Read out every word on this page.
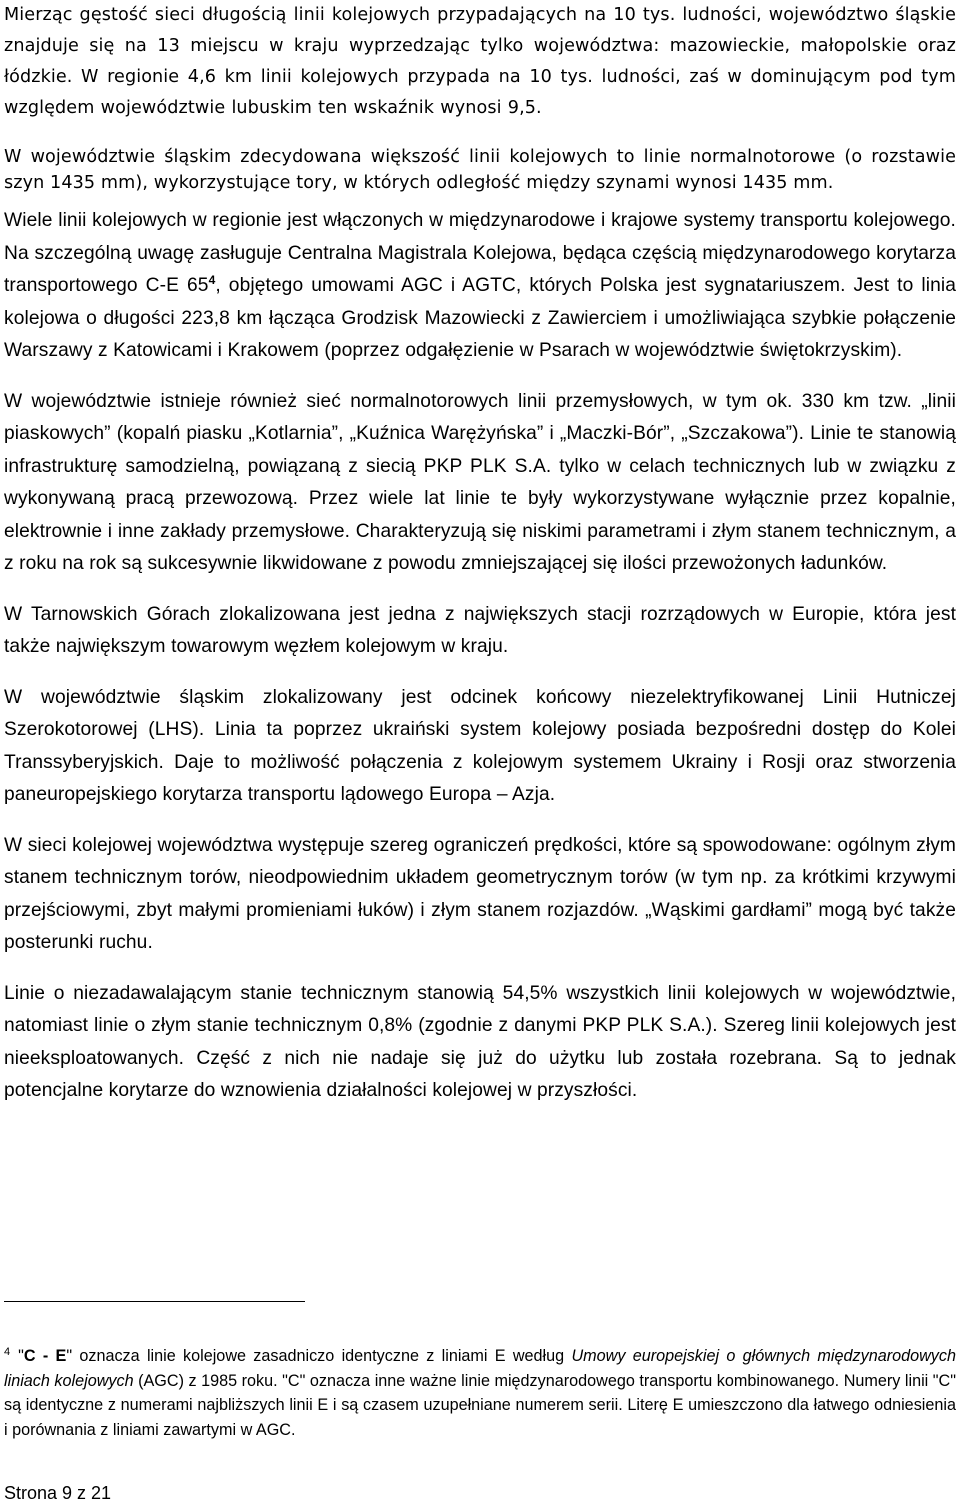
Mierząc gęstość sieci długością linii kolejowych przypadających na 10 tys. ludności, województwo śląskie znajduje się na 13 miejscu w kraju wyprzedzając tylko województwa: mazowieckie, małopolskie oraz łódzkie. W regionie 4,6 km linii kolejowych przypada na 10 tys. ludności, zaś w dominującym pod tym względem województwie lubuskim ten wskaźnik wynosi 9,5.

W województwie śląskim zdecydowana większość linii kolejowych to linie normalnotorowe (o rozstawie szyn 1435 mm), wykorzystujące tory, w których odległość między szynami wynosi 1435 mm.

Wiele linii kolejowych w regionie jest włączonych w międzynarodowe i krajowe systemy transportu kolejowego. Na szczególną uwagę zasługuje Centralna Magistrala Kolejowa, będąca częścią międzynarodowego korytarza transportowego C-E $65^4$, objętego umowami AGC i AGTC, których Polska jest sygnatariuszem. Jest to linia kolejowa o długości 223,8 km łącząca Grodzisk Mazowiecki z Zawierciem i umożliwiająca szybkie połączenie Warszawy z Katowicami i Krakowem (poprzez odgałęzienie w Psarach w województwie świętokrzyskim).

W województwie istnieje również sieć normalnotorowych linii przemysłowych, w tym ok. 330 km tzw. „linii piaskowych” (kopalń piasku „Kotlarnia”, „Kuźnica Warężyńska” i „Maczki-Bór”, „Szczakowa”). Linie te stanowią infrastrukturę samodzielną, powiązaną z siecią PKP PLK S.A. tylko w celach technicznych lub w związku z wykonywaną pracą przewozową. Przez wiele lat linie te były wykorzystywane wyłącznie przez kopalnie, elektrownie i inne zakłady przemysłowe. Charakteryzują się niskimi parametrami i złym stanem technicznym, a z roku na rok są sukcesywnie likwidowane z powodu zmniejszającej się ilości przewożonych ładunków.

W Tarnowskich Górach zlokalizowana jest jedna z największych stacji rozrządowych w Europie, która jest także największym towarowym węzłem kolejowym w kraju.

W województwie śląskim zlokalizowany jest odcinek końcowy niezelektryfikowanej Linii Hutniczej Szerokotorowej (LHS). Linia ta poprzez ukraiński system kolejowy posiada bezpośredni dostęp do Kolei Transsyberyjskich. Daje to możliwość połączenia z kolejowym systemem Ukrainy i Rosji oraz stworzenia paneuropejskiego korytarza transportu lądowego Europa – Azja.

W sieci kolejowej województwa występuje szereg ograniczeń prędkości, które są spowodowane: ogólnym złym stanem technicznym torów, nieodpowiednim układem geometrycznym torów (w tym np. za krótkimi krzywymi przejściowymi, zbyt małymi promieniami łuków) i złym stanem rozjazdów. „Wąskimi gardłami” mogą być także posterunki ruchu.

Linie o niezadawalającym stanie technicznym stanowią 54,5% wszystkich linii kolejowych w województwie, natomiast linie o złym stanie technicznym 0,8% (zgodnie z danymi PKP PLK S.A.). Szereg linii kolejowych jest nieeksploatowanych. Część z nich nie nadaje się już do użytku lub została rozebrana. Są to jednak potencjalne korytarze do wznowienia działalności kolejowej w przyszłości.

$^4$ "C - E" oznacza linie kolejowe zasadniczo identyczne z liniami E według Umowy europejskiej o głównych międzynarodowych liniach kolejowych (AGC) z 1985 roku. "C" oznacza inne ważne linie międzynarodowego transportu kombinowanego. Numery linii "C" są identyczne z numerami najbliższych linii E i są czasem uzupełniane numerem serii. Literę E umieszczono dla łatwego odniesienia i porównania z liniami zawartymi w AGC.
Strona 9 z 21
